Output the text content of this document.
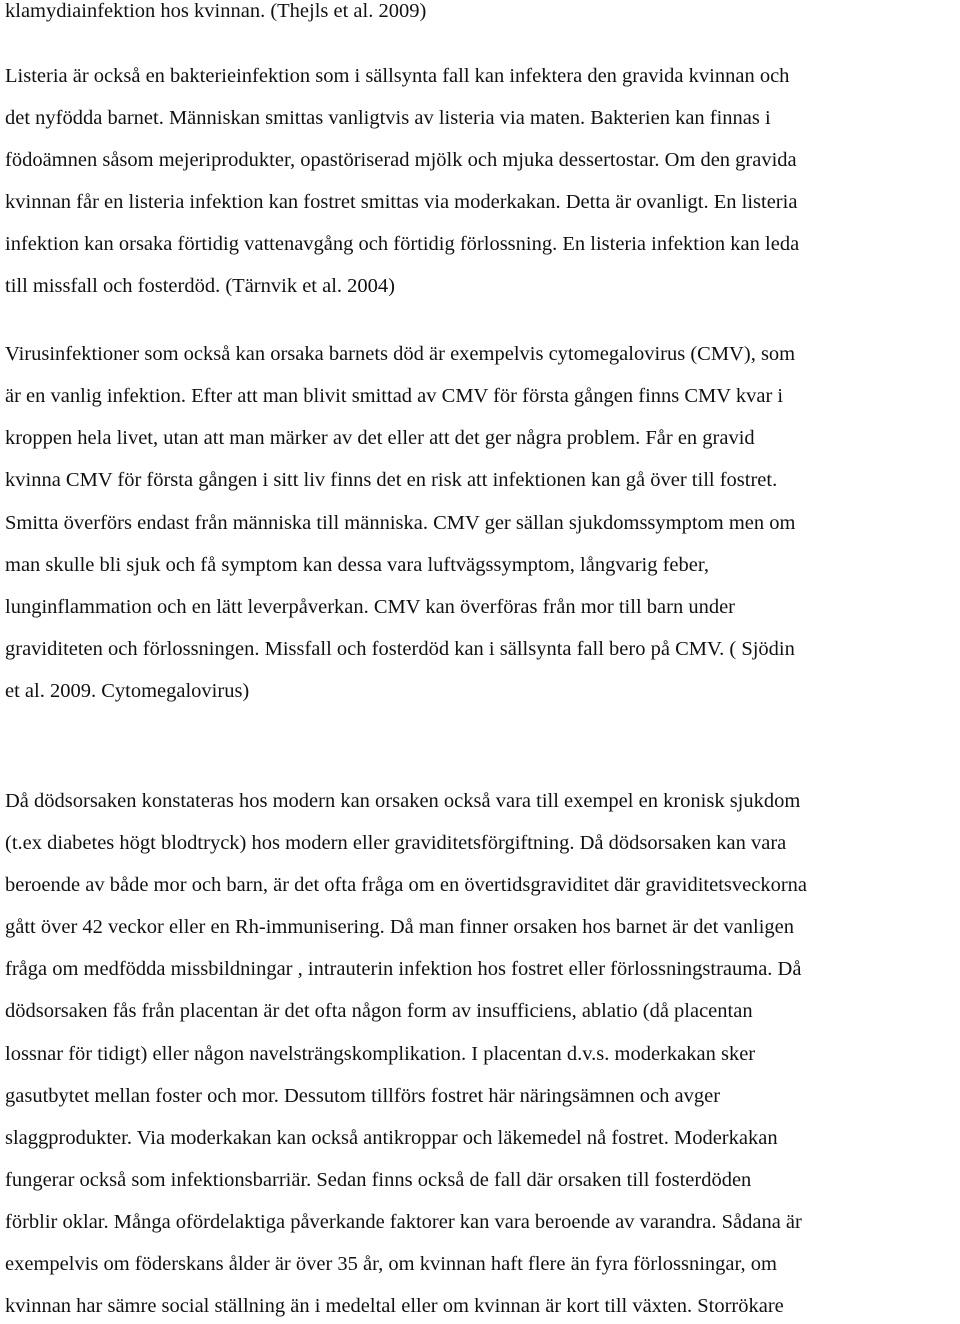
klamydiainfektion hos kvinnan. (Thejls et al. 2009)
Listeria är också en bakterieinfektion som i sällsynta fall kan infektera den gravida kvinnan och
det nyfödda barnet. Människan smittas vanligtvis av listeria via maten. Bakterien kan finnas i
födoämnen såsom mejeriprodukter, opastöriserad mjölk och mjuka dessertostar. Om den gravida
kvinnan får en listeria infektion kan fostret smittas via moderkakan. Detta är ovanligt. En listeria
infektion kan orsaka förtidig vattenavgång och förtidig förlossning. En listeria infektion kan leda
till missfall och fosterdöd. (Tärnvik et al. 2004)
Virusinfektioner som också kan orsaka barnets död är exempelvis cytomegalovirus (CMV), som
är en vanlig infektion. Efter att man blivit smittad av CMV för första gången finns CMV kvar i
kroppen hela livet, utan att man märker av det eller att det ger några problem. Får en gravid
kvinna CMV för första gången i sitt liv finns det en risk att infektionen kan gå över till fostret.
Smitta överförs endast från människa till människa. CMV ger sällan sjukdomssymptom men om
man skulle bli sjuk och få symptom kan dessa vara luftvägssymptom, långvarig feber,
lunginflammation och en lätt leverpåverkan. CMV kan överföras från mor till barn under
graviditeten och förlossningen. Missfall och fosterdöd kan i sällsynta fall bero på CMV. ( Sjödin
et al. 2009. Cytomegalovirus)
Då dödsorsaken konstateras hos modern kan orsaken också vara till exempel en kronisk sjukdom
(t.ex diabetes högt blodtryck) hos modern eller graviditetsförgiftning. Då dödsorsaken kan vara
beroende av både mor och barn, är det ofta fråga om en övertidsgraviditet där graviditetsveckorna
gått över 42 veckor eller en Rh-immunisering. Då man finner orsaken hos barnet är det vanligen
fråga om medfödda missbildningar , intrauterin infektion hos fostret eller förlossningstrauma. Då
dödsorsaken fås från placentan är det ofta någon form av insufficiens, ablatio (då placentan
lossnar för tidigt) eller någon navelsträngskomplikation. I placentan d.v.s. moderkakan sker
gasutbytet mellan foster och mor. Dessutom tillförs fostret här näringsämnen och avger
slaggprodukter. Via moderkakan kan också antikroppar och läkemedel nå fostret. Moderkakan
fungerar också som infektionsbarriär. Sedan finns också de fall där orsaken till fosterdöden
förblir oklar. Många ofördelaktiga påverkande faktorer kan vara beroende av varandra. Sådana är
exempelvis om föderskans ålder är över 35 år, om kvinnan haft flere än fyra förlossningar, om
kvinnan har sämre social ställning än i medeltal eller om kvinnan är kort till växten. Storrökare
